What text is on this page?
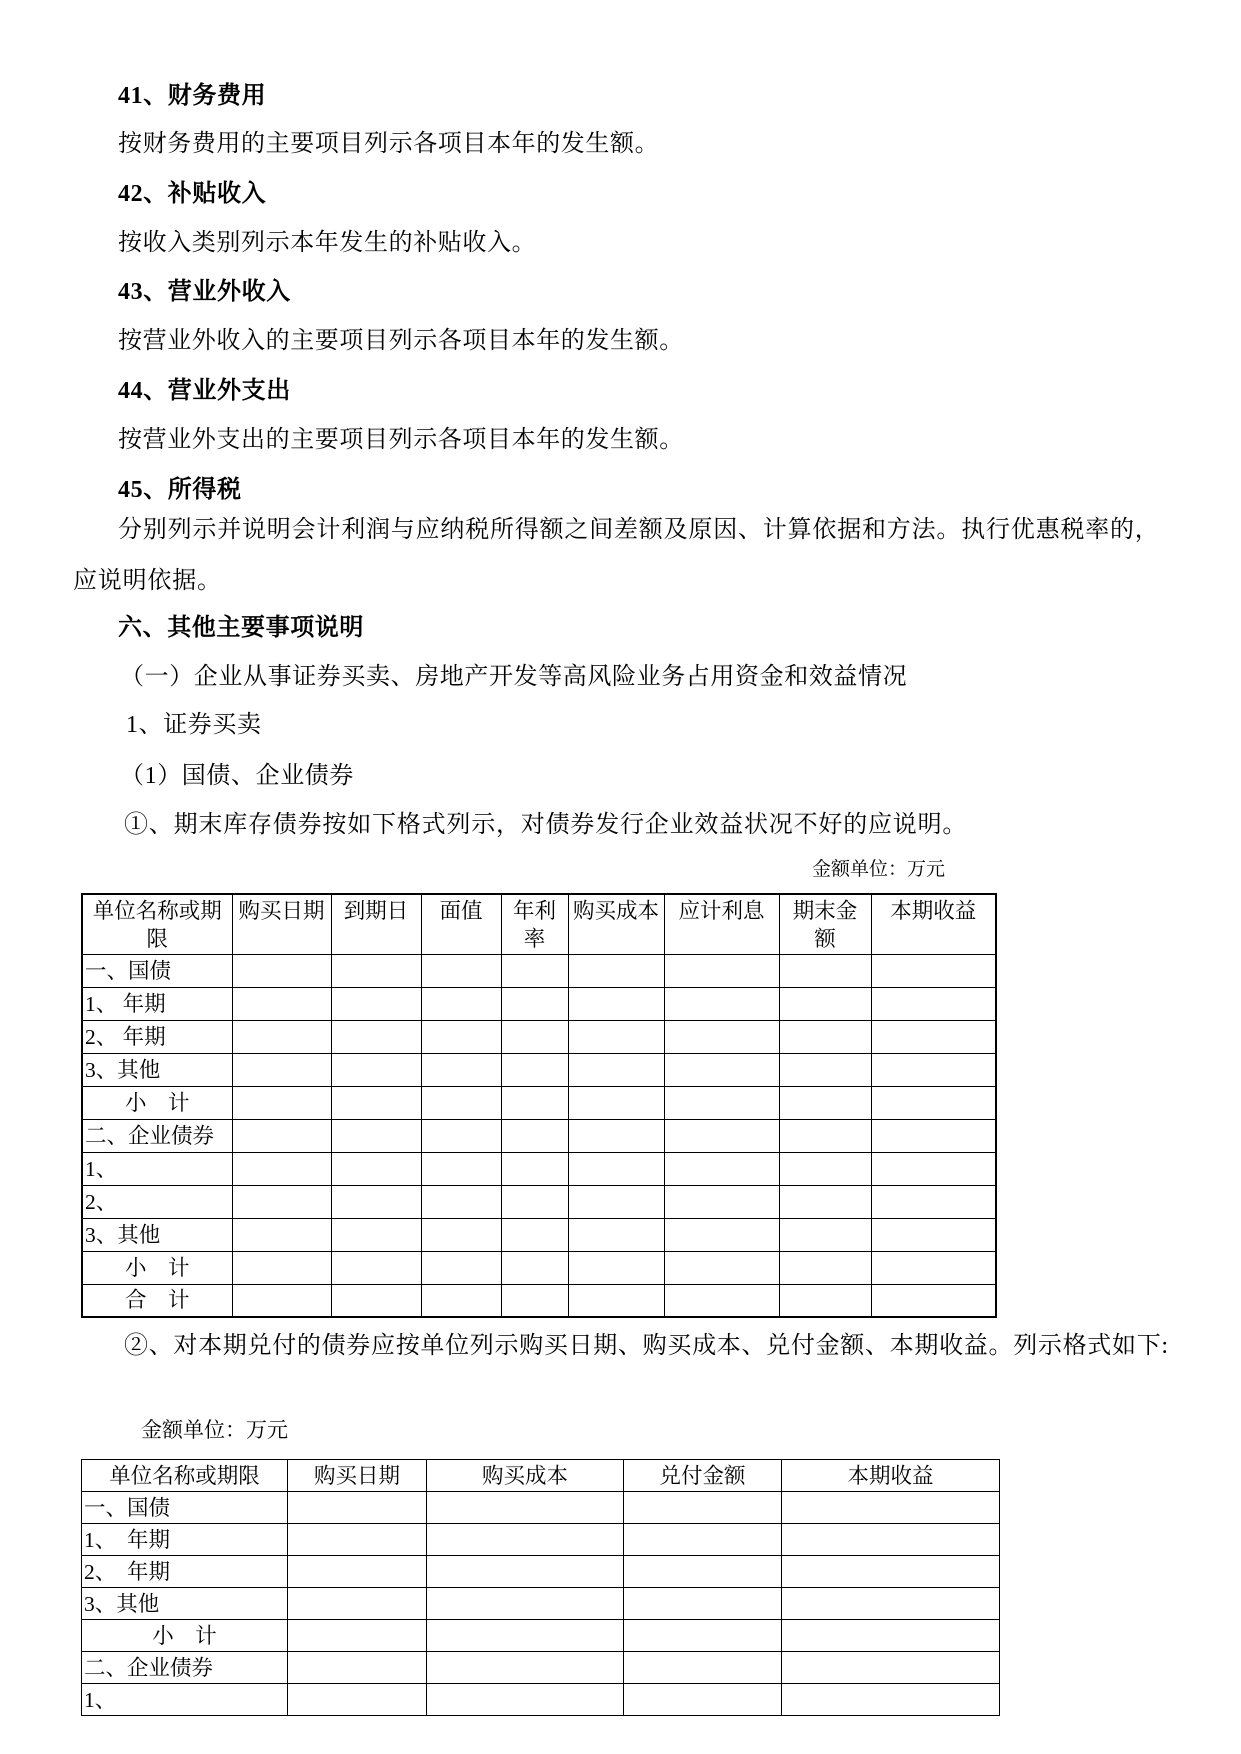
41、财务费用
按财务费用的主要项目列示各项目本年的发生额。
42、补贴收入
按收入类别列示本年发生的补贴收入。
43、营业外收入
按营业外收入的主要项目列示各项目本年的发生额。
44、营业外支出
按营业外支出的主要项目列示各项目本年的发生额。
45、所得税
分别列示并说明会计利润与应纳税所得额之间差额及原因、计算依据和方法。执行优惠税率的，应说明依据。
六、其他主要事项说明
（一）企业从事证券买卖、房地产开发等高风险业务占用资金和效益情况
1、证券买卖
（1）国债、企业债券
①、期末库存债券按如下格式列示，对债券发行企业效益状况不好的应说明。
金额单位：万元
单位名称或期限	购买日期	到期日	面值	年利率	购买成本	应计利息	期末金额	本期收益
一、国债								
1、 年期								
2、 年期								
3、其他								
小　计								
二、企业债券								
1、								
2、								
3、其他								
小　计								
合　计								
②、对本期兑付的债券应按单位列示购买日期、购买成本、兑付金额、本期收益。列示格式如下:
金额单位：万元
单位名称或期限	购买日期	购买成本	兑付金额	本期收益
一、国债				
1、　年期				
2、　年期				
3、其他				
小　计				
二、企业债券				
1、				
